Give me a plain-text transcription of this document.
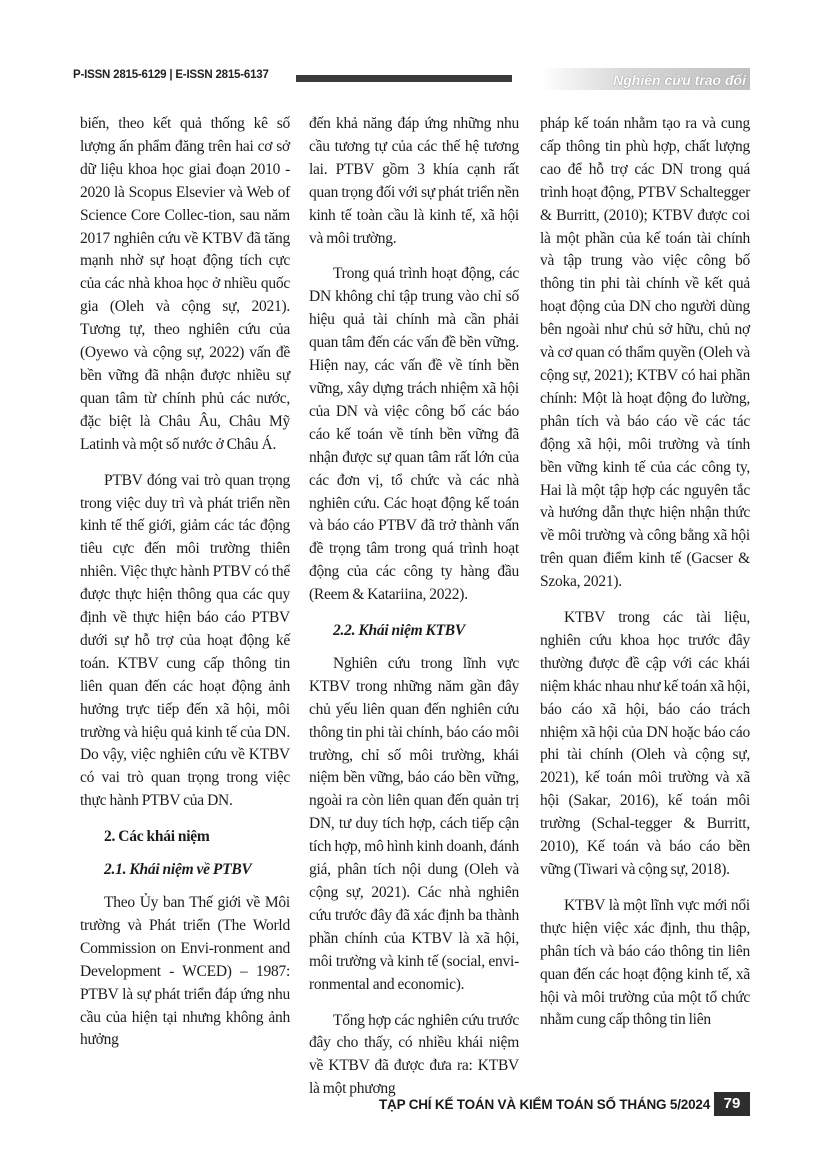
P-ISSN 2815-6129 | E-ISSN 2815-6137	Nghiên cứu trao đổi

biến, theo kết quả thống kê số lượng ấn phẩm đăng trên hai cơ sở dữ liệu khoa học giai đoạn 2010 - 2020 là Scopus Elsevier và Web of Science Core Collec-tion, sau năm 2017 nghiên cứu về KTBV đã tăng mạnh nhờ sự hoạt động tích cực của các nhà khoa học ở nhiều quốc gia (Oleh và cộng sự, 2021). Tương tự, theo nghiên cứu của (Oyewo và cộng sự, 2022) vấn đề bền vững đã nhận được nhiều sự quan tâm từ chính phủ các nước, đặc biệt là Châu Âu, Châu Mỹ Latinh và một số nước ở Châu Á.

PTBV đóng vai trò quan trọng trong việc duy trì và phát triển nền kinh tế thế giới, giảm các tác động tiêu cực đến môi trường thiên nhiên. Việc thực hành PTBV có thể được thực hiện thông qua các quy định về thực hiện báo cáo PTBV dưới sự hỗ trợ của hoạt động kế toán. KTBV cung cấp thông tin liên quan đến các hoạt động ảnh hưởng trực tiếp đến xã hội, môi trường và hiệu quả kinh tế của DN. Do vậy, việc nghiên cứu về KTBV có vai trò quan trọng trong việc thực hành PTBV của DN.

2. Các khái niệm
2.1. Khái niệm về PTBV

Theo Ủy ban Thế giới về Môi trường và Phát triển (The World Commission on Envi-ronment and Development - WCED) – 1987: PTBV là sự phát triển đáp ứng nhu cầu của hiện tại nhưng không ảnh hưởng

đến khả năng đáp ứng những nhu cầu tương tự của các thế hệ tương lai. PTBV gồm 3 khía cạnh rất quan trọng đối với sự phát triển nền kinh tế toàn cầu là kinh tế, xã hội và môi trường.

Trong quá trình hoạt động, các DN không chỉ tập trung vào chỉ số hiệu quả tài chính mà cần phải quan tâm đến các vấn đề bền vững. Hiện nay, các vấn đề về tính bền vững, xây dựng trách nhiệm xã hội của DN và việc công bố các báo cáo kế toán về tính bền vững đã nhận được sự quan tâm rất lớn của các đơn vị, tổ chức và các nhà nghiên cứu. Các hoạt động kế toán và báo cáo PTBV đã trở thành vấn đề trọng tâm trong quá trình hoạt động của các công ty hàng đầu (Reem & Katariina, 2022).

2.2. Khái niệm KTBV

Nghiên cứu trong lĩnh vực KTBV trong những năm gần đây chủ yếu liên quan đến nghiên cứu thông tin phi tài chính, báo cáo môi trường, chỉ số môi trường, khái niệm bền vững, báo cáo bền vững, ngoài ra còn liên quan đến quản trị DN, tư duy tích hợp, cách tiếp cận tích hợp, mô hình kinh doanh, đánh giá, phân tích nội dung (Oleh và cộng sự, 2021). Các nhà nghiên cứu trước đây đã xác định ba thành phần chính của KTBV là xã hội, môi trường và kinh tế (social, envi-ronmental and economic).

Tổng hợp các nghiên cứu trước đây cho thấy, có nhiều khái niệm về KTBV đã được đưa ra: KTBV là một phương

pháp kế toán nhằm tạo ra và cung cấp thông tin phù hợp, chất lượng cao để hỗ trợ các DN trong quá trình hoạt động, PTBV Schaltegger & Burritt, (2010); KTBV được coi là một phần của kế toán tài chính và tập trung vào việc công bố thông tin phi tài chính về kết quả hoạt động của DN cho người dùng bên ngoài như chủ sở hữu, chủ nợ và cơ quan có thẩm quyền (Oleh và cộng sự, 2021); KTBV có hai phần chính: Một là hoạt động đo lường, phân tích và báo cáo về các tác động xã hội, môi trường và tính bền vững kinh tế của các công ty, Hai là một tập hợp các nguyên tắc và hướng dẫn thực hiện nhận thức về môi trường và công bằng xã hội trên quan điểm kinh tế (Gacser & Szoka, 2021).

KTBV trong các tài liệu, nghiên cứu khoa học trước đây thường được đề cập với các khái niệm khác nhau như kế toán xã hội, báo cáo xã hội, báo cáo trách nhiệm xã hội của DN hoặc báo cáo phi tài chính (Oleh và cộng sự, 2021), kế toán môi trường và xã hội (Sakar, 2016), kế toán môi trường (Schal-tegger & Burritt, 2010), Kế toán và báo cáo bền vững (Tiwari và cộng sự, 2018).

KTBV là một lĩnh vực mới nổi thực hiện việc xác định, thu thập, phân tích và báo cáo thông tin liên quan đến các hoạt động kinh tế, xã hội và môi trường của một tổ chức nhằm cung cấp thông tin liên

TẠP CHÍ KẾ TOÁN VÀ KIỂM TOÁN SỐ THÁNG 5/2024 79
